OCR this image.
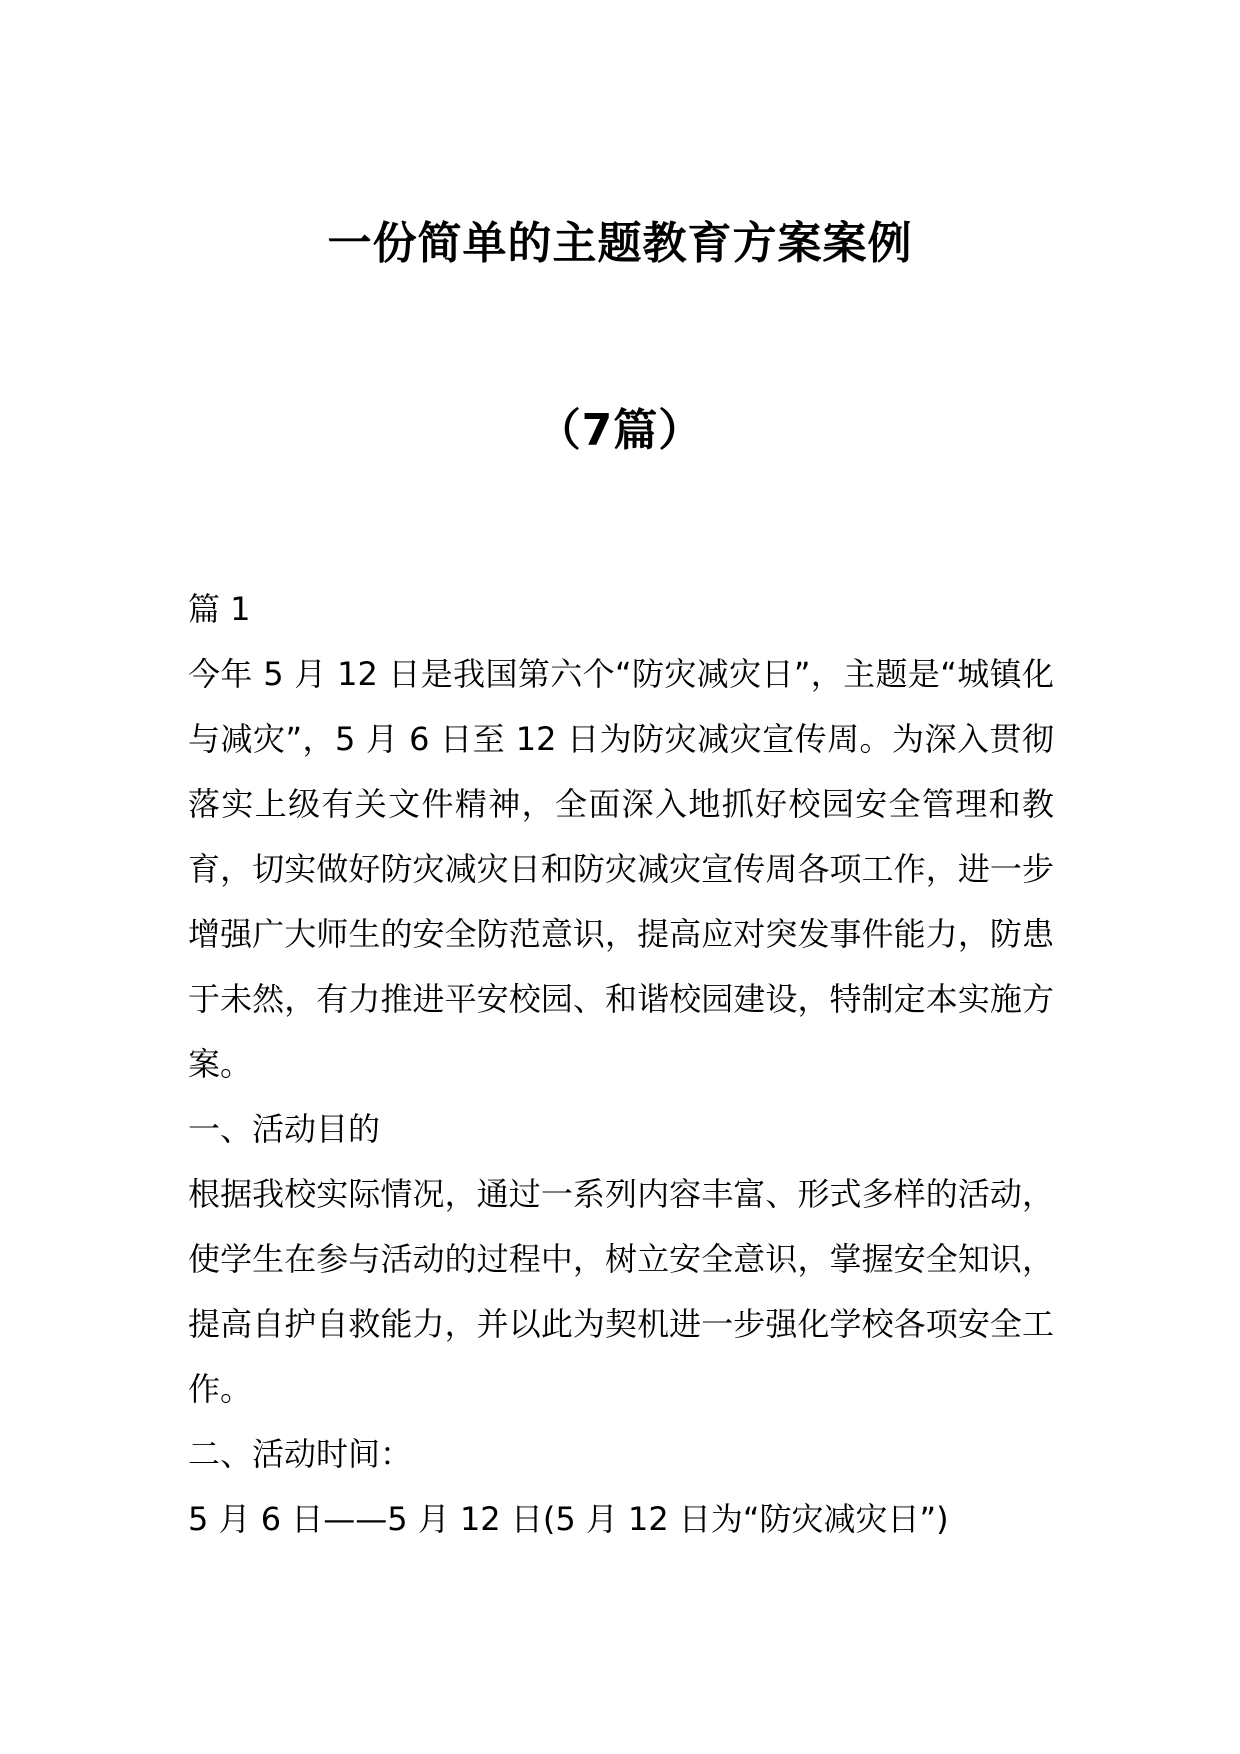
一份简单的主题教育方案案例
（7篇）

篇 1

今年 5 月 12 日是我国第六个“防灾减灾日”，主题是“城镇化与减灾”，5 月 6 日至 12 日为防灾减灾宣传周。为深入贯彻落实上级有关文件精神，全面深入地抓好校园安全管理和教育，切实做好防灾减灾日和防灾减灾宣传周各项工作，进一步增强广大师生的安全防范意识，提高应对突发事件能力，防患于未然，有力推进平安校园、和谐校园建设，特制定本实施方案。

一、活动目的

根据我校实际情况，通过一系列内容丰富、形式多样的活动，使学生在参与活动的过程中，树立安全意识，掌握安全知识，提高自护自救能力，并以此为契机进一步强化学校各项安全工作。

二、活动时间：

5 月 6 日——5 月 12 日(5 月 12 日为“防灾减灾日”)
